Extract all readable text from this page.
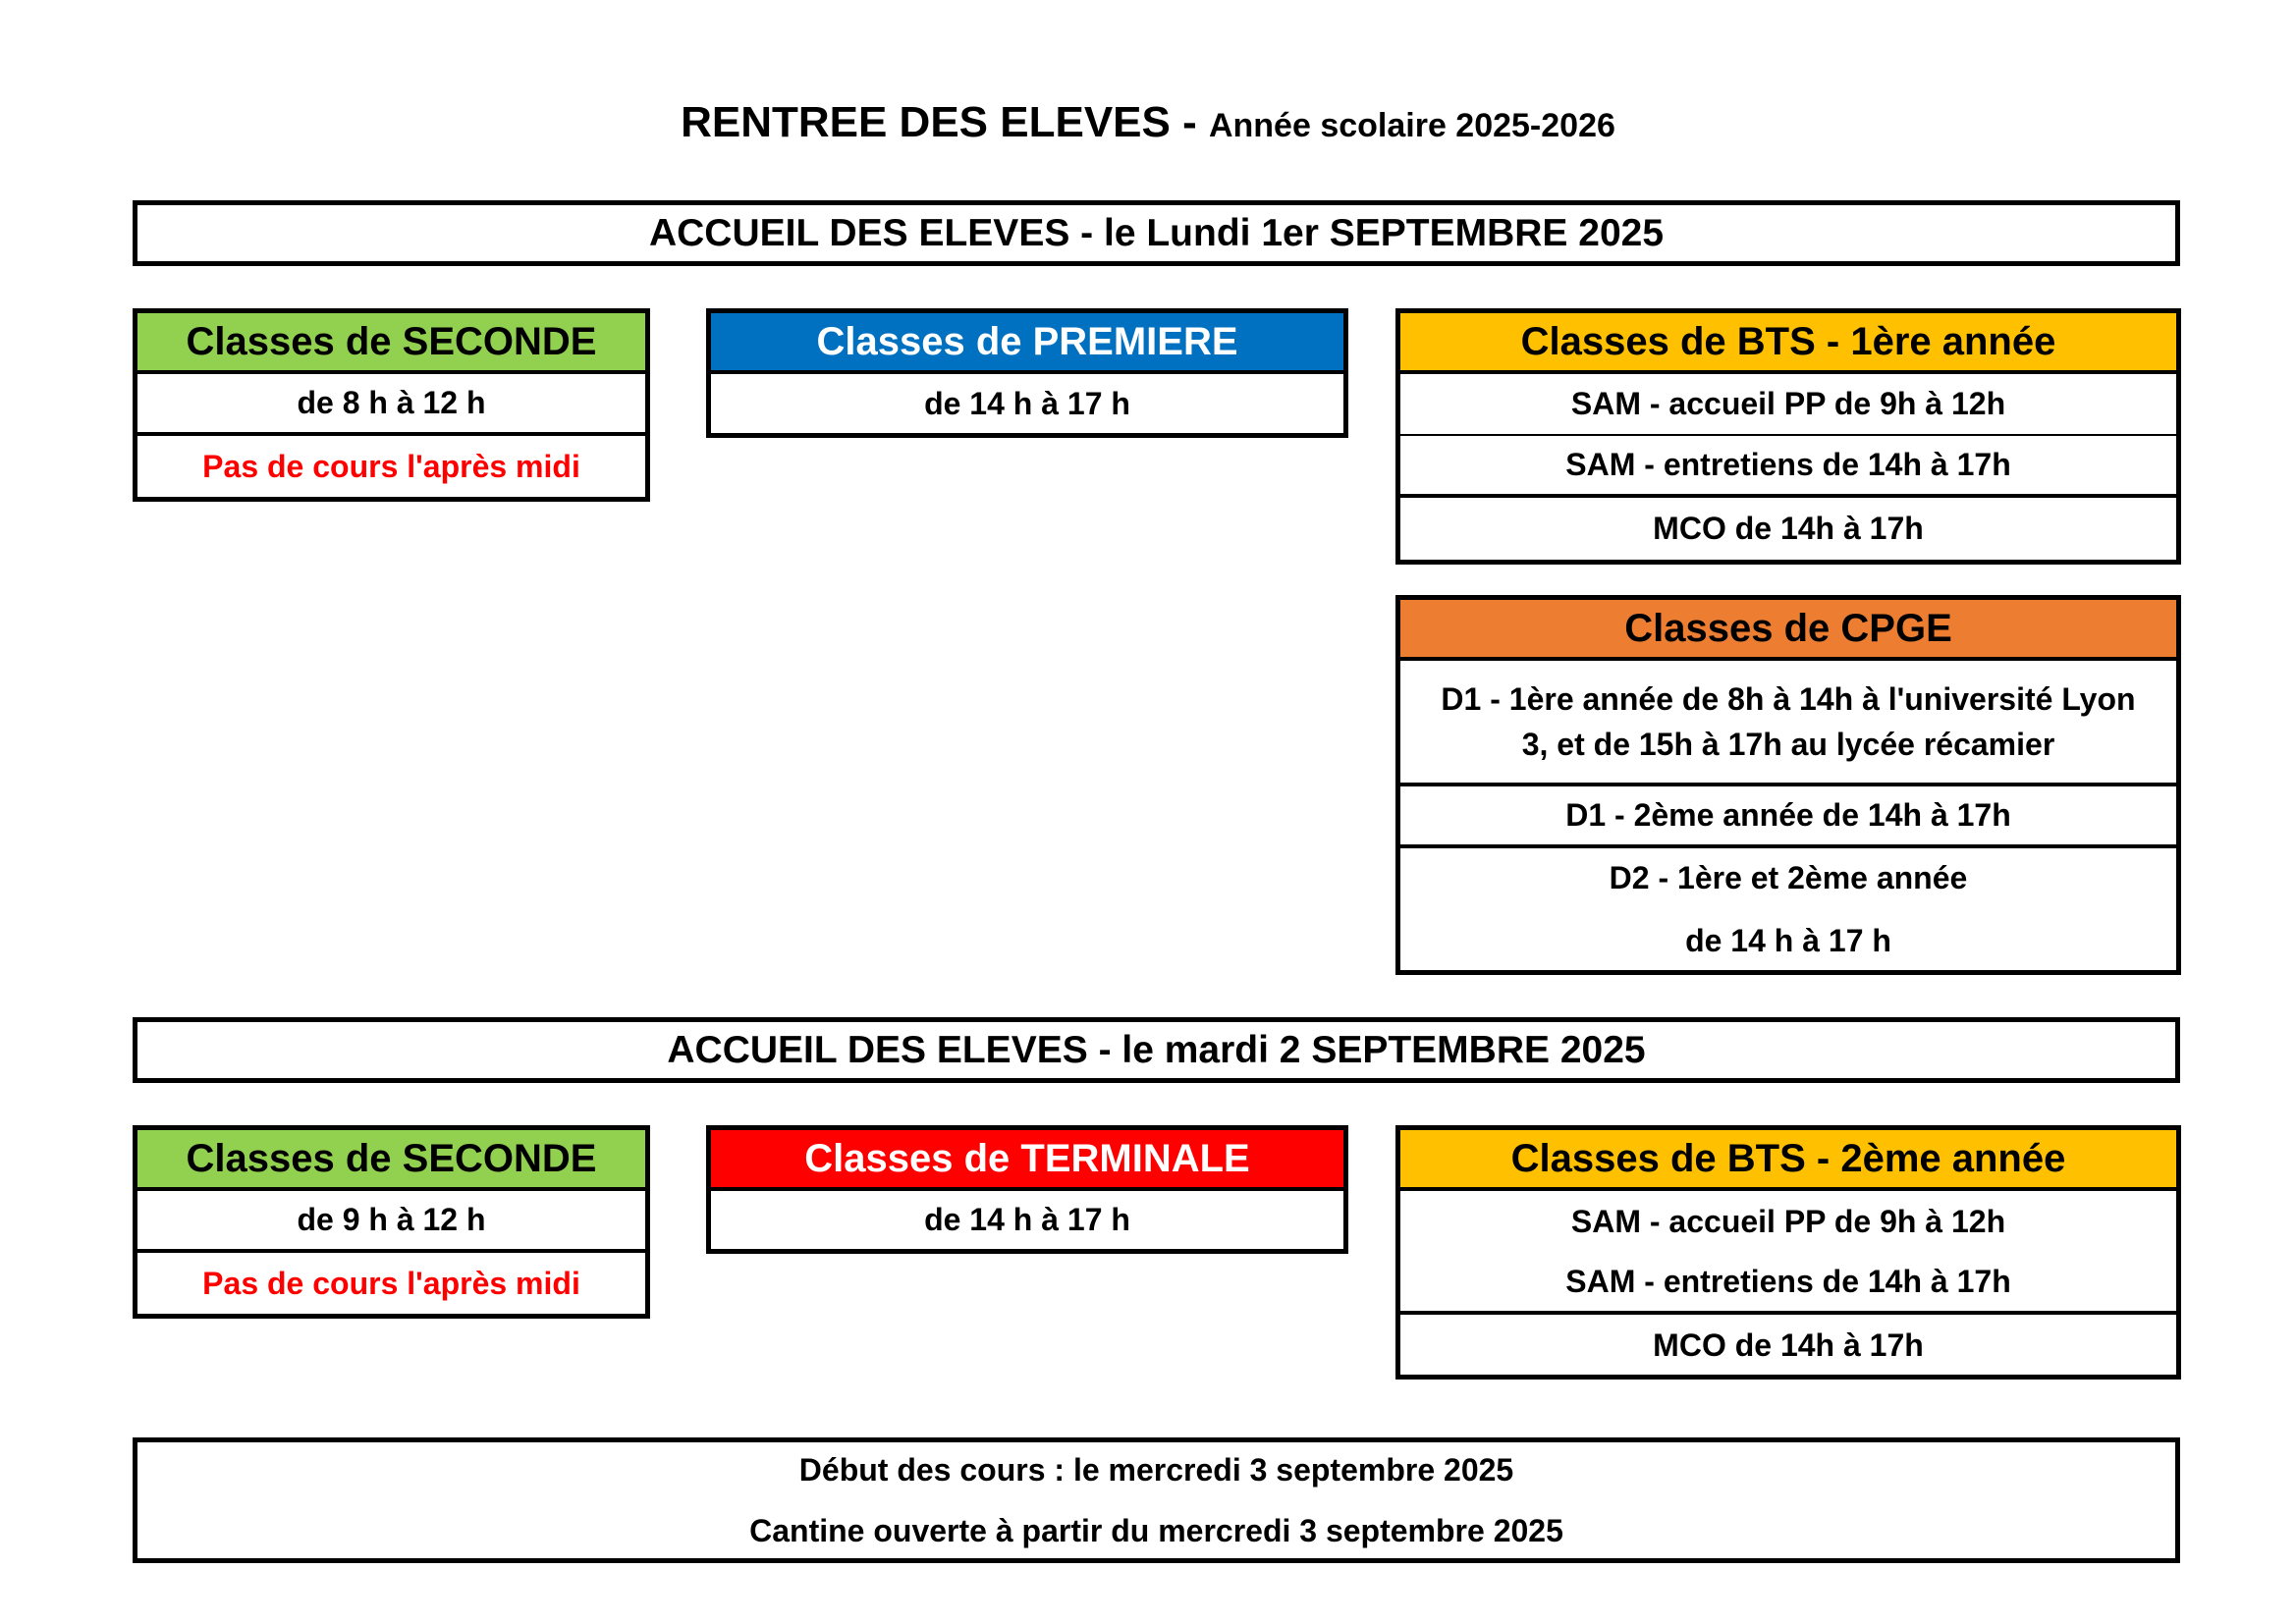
RENTREE DES ELEVES - Année scolaire 2025-2026
ACCUEIL DES ELEVES - le Lundi 1er SEPTEMBRE 2025
Classes de SECONDE
de 8 h à 12 h
Pas de cours l'après midi
Classes de PREMIERE
de 14 h à 17 h
Classes de BTS - 1ère année
SAM - accueil PP de 9h à 12h
SAM - entretiens de 14h à 17h
MCO de 14h à 17h
Classes de CPGE
D1 - 1ère année de 8h à 14h à l'université Lyon
3, et de 15h à 17h au lycée récamier
D1 - 2ème année de 14h à 17h
D2 - 1ère et 2ème année
de 14 h à 17 h
ACCUEIL DES ELEVES - le mardi 2 SEPTEMBRE 2025
Classes de SECONDE
de 9 h à 12 h
Pas de cours l'après midi
Classes de TERMINALE
de 14 h à 17 h
Classes de BTS - 2ème année
SAM - accueil PP de 9h à 12h
SAM - entretiens de 14h à 17h
MCO de 14h à 17h
Début des cours : le mercredi 3 septembre 2025
Cantine ouverte à partir du mercredi 3 septembre 2025
